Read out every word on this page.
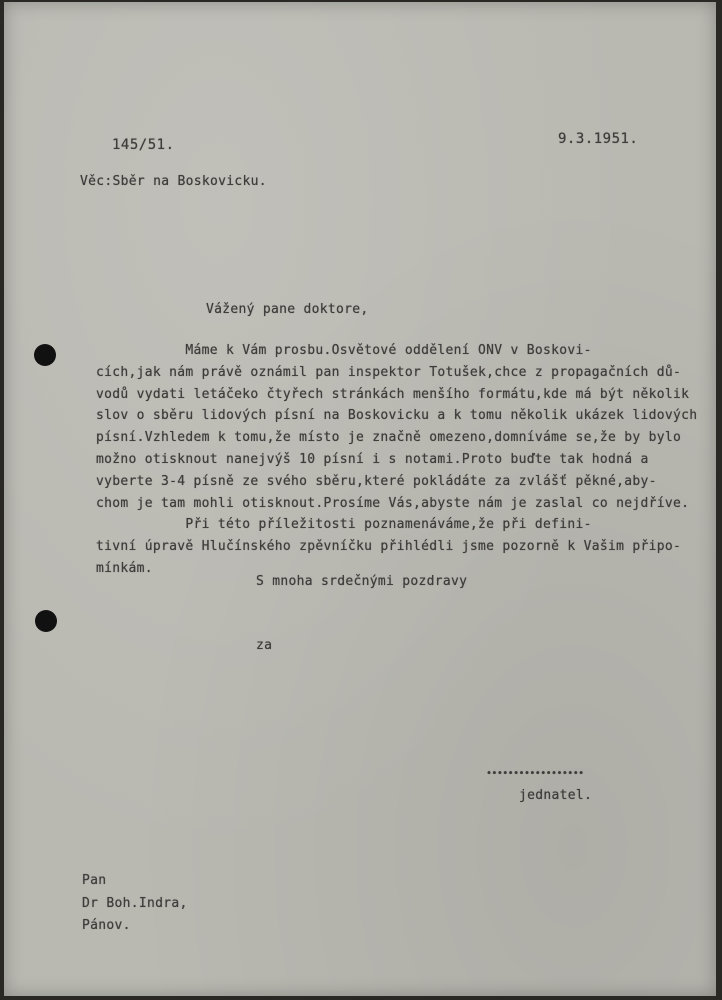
145/51.	9.3.1951.
Věc:Sběr na Boskovicku.
Vážený pane doktore,
Máme k Vám prosbu.Osvětové oddělení ONV v Boskovi-
cích,jak nám právě oznámil pan inspektor Totušek,chce z propagačních dů-
vodů vydati letáčeko čtyřech stránkách menšího formátu,kde má být několik
slov o sběru lidových písní na Boskovicku a k tomu několik ukázek lidových
písní.Vzhledem k tomu,že místo je značně omezeno,domníváme se,že by bylo
možno otisknout nanejvýš 10 písní i s notami.Proto buďte tak hodná a
vyberte 3-4 písně ze svého sběru,které pokládáte za zvlášť pěkné,aby-
chom je tam mohli otisknout.Prosíme Vás,abyste nám je zaslal co nejdříve.
Při této příležitosti poznamenáváme,že při defini-
tivní úpravě Hlučínského zpěvníčku přihlédli jsme pozorně k Vašim připo-
mínkám.
S mnoha srdečnými pozdravy
za
••••••••••••••••••
jednatel.
Pan
Dr Boh.Indra,
Pánov.
